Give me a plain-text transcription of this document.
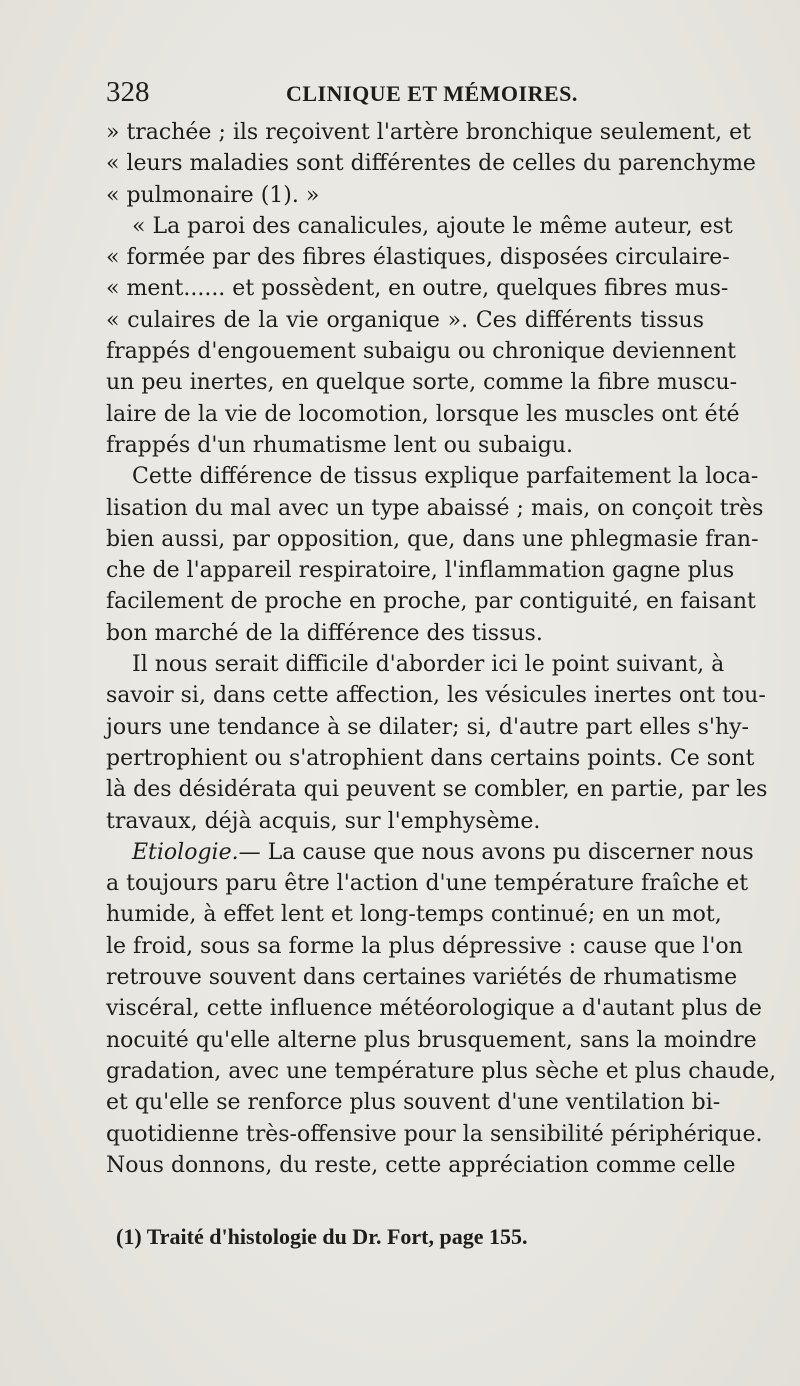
328	CLINIQUE ET MÉMOIRES.
» trachée ; ils reçoivent l'artère bronchique seulement, et
« leurs maladies sont différentes de celles du parenchyme
« pulmonaire (1). »
« La paroi des canalicules, ajoute le même auteur, est
« formée par des fibres élastiques, disposées circulaire-
« ment...... et possèdent, en outre, quelques fibres mus-
« culaires de la vie organique ». Ces différents tissus
frappés d'engouement subaigu ou chronique deviennent
un peu inertes, en quelque sorte, comme la fibre muscu-
laire de la vie de locomotion, lorsque les muscles ont été
frappés d'un rhumatisme lent ou subaigu.
Cette différence de tissus explique parfaitement la loca-
lisation du mal avec un type abaissé ; mais, on conçoit très
bien aussi, par opposition, que, dans une phlegmasie fran-
che de l'appareil respiratoire, l'inflammation gagne plus
facilement de proche en proche, par contiguité, en faisant
bon marché de la différence des tissus.
Il nous serait difficile d'aborder ici le point suivant, à
savoir si, dans cette affection, les vésicules inertes ont tou-
jours une tendance à se dilater; si, d'autre part elles s'hy-
pertrophient ou s'atrophient dans certains points. Ce sont
là des désidérata qui peuvent se combler, en partie, par les
travaux, déjà acquis, sur l'emphysème.
Etiologie.— La cause que nous avons pu discerner nous
a toujours paru être l'action d'une température fraîche et
humide, à effet lent et long-temps continué; en un mot,
le froid, sous sa forme la plus dépressive : cause que l'on
retrouve souvent dans certaines variétés de rhumatisme
viscéral, cette influence météorologique a d'autant plus de
nocuité qu'elle alterne plus brusquement, sans la moindre
gradation, avec une température plus sèche et plus chaude,
et qu'elle se renforce plus souvent d'une ventilation bi-
quotidienne très-offensive pour la sensibilité périphérique.
Nous donnons, du reste, cette appréciation comme celle
(1) Traité d'histologie du Dr. Fort, page 155.
